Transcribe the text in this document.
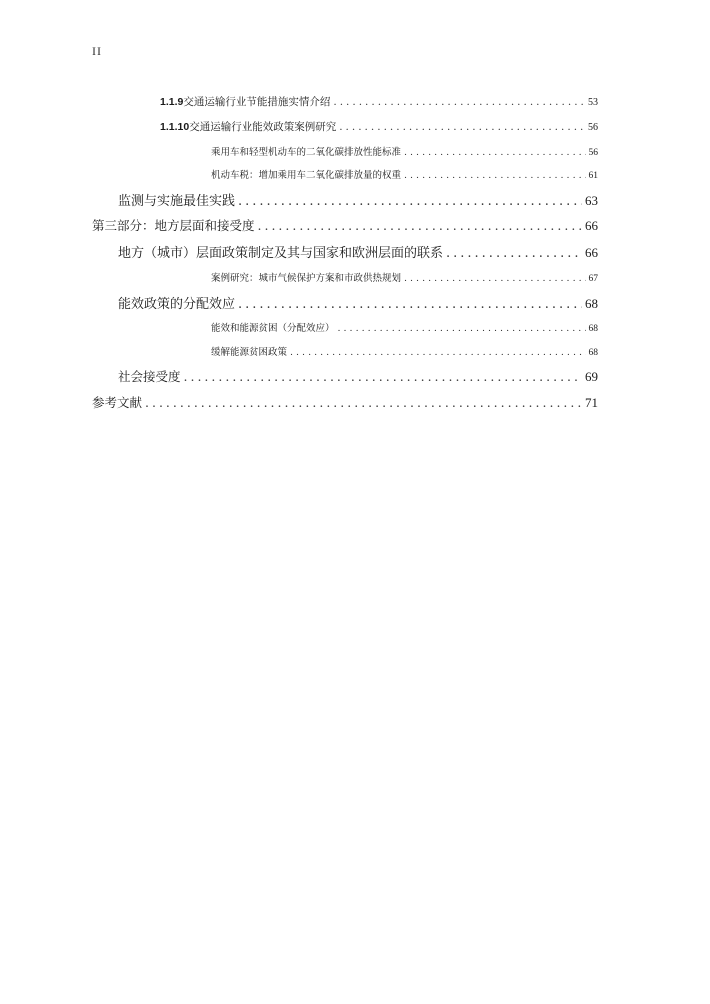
II
1.1.9 交通运输行业节能措施实情介绍 .....	53
1.1.10 交通运输行业能效政策案例研究 .....	56
乘用车和轻型机动车的二氧化碳排放性能标准 .....	56
机动车税：增加乘用车二氧化碳排放量的权重 .....	61
监测与实施最佳实践 .....	63
第三部分：地方层面和接受度 .....	66
地方（城市）层面政策制定及其与国家和欧洲层面的联系 .....	66
案例研究：城市气候保护方案和市政供热规划 .....	67
能效政策的分配效应 .....	68
能效和能源贫困（分配效应） .....	68
缓解能源贫困政策 .....	68
社会接受度 .....	69
参考文献 .....	71
